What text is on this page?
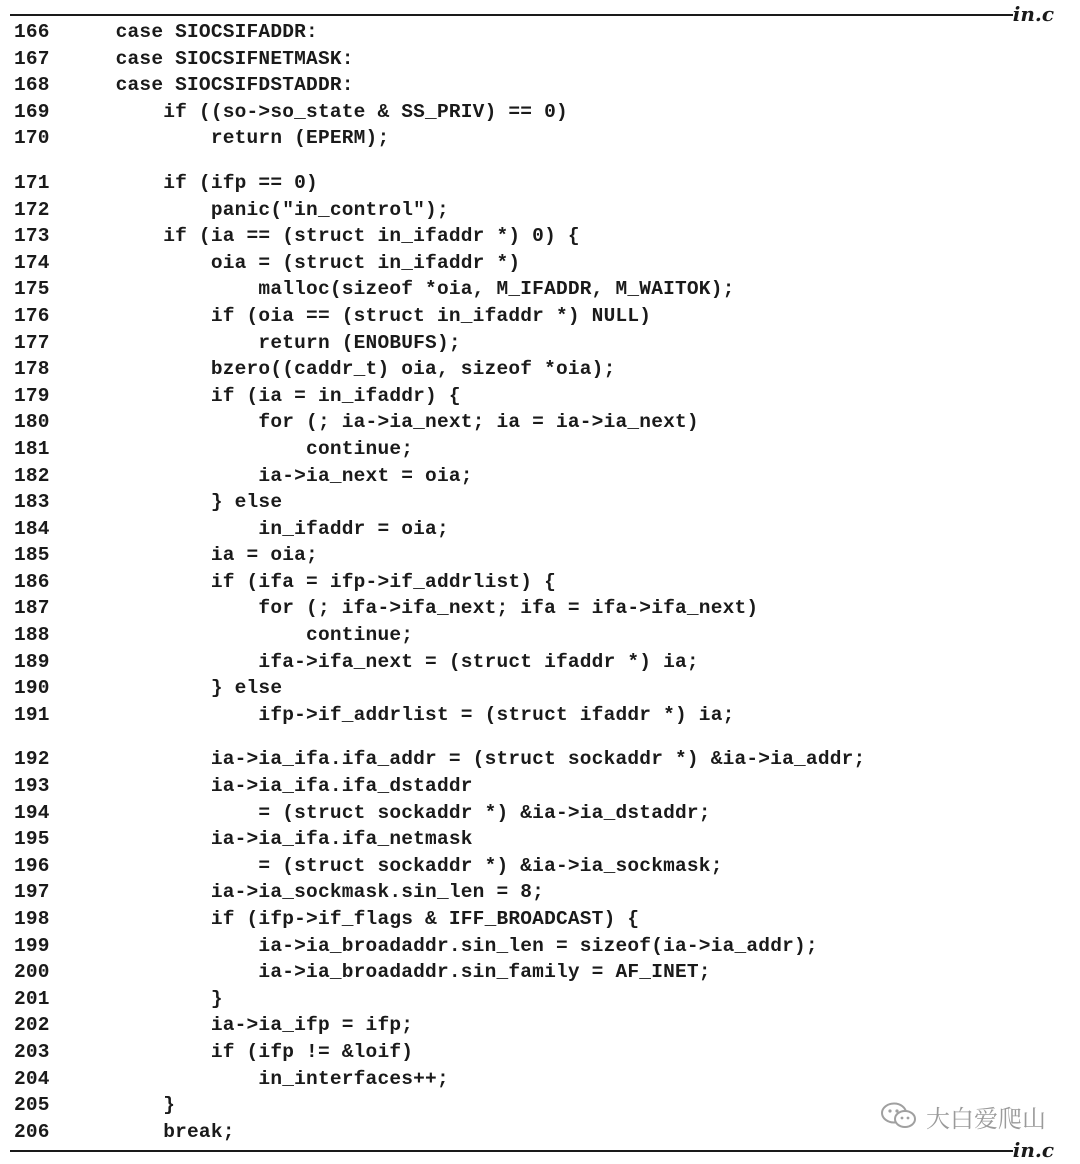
in.c
166 case SIOCSIFADDR:
167 case SIOCSIFNETMASK:
168 case SIOCSIFDSTADDR:
169 if ((so->so_state & SS_PRIV) == 0)
170 return (EPERM);
171 if (ifp == 0)
172 panic("in_control");
173 if (ia == (struct in_ifaddr *) 0) {
174 oia = (struct in_ifaddr *)
175 malloc(sizeof *oia, M_IFADDR, M_WAITOK);
176 if (oia == (struct in_ifaddr *) NULL)
177 return (ENOBUFS);
178 bzero((caddr_t) oia, sizeof *oia);
179 if (ia = in_ifaddr) {
180 for (; ia->ia_next; ia = ia->ia_next)
181 continue;
182 ia->ia_next = oia;
183 } else
184 in_ifaddr = oia;
185 ia = oia;
186 if (ifa = ifp->if_addrlist) {
187 for (; ifa->ifa_next; ifa = ifa->ifa_next)
188 continue;
189 ifa->ifa_next = (struct ifaddr *) ia;
190 } else
191 ifp->if_addrlist = (struct ifaddr *) ia;
192 ia->ia_ifa.ifa_addr = (struct sockaddr *) &ia->ia_addr;
193 ia->ia_ifa.ifa_dstaddr
194 = (struct sockaddr *) &ia->ia_dstaddr;
195 ia->ia_ifa.ifa_netmask
196 = (struct sockaddr *) &ia->ia_sockmask;
197 ia->ia_sockmask.sin_len = 8;
198 if (ifp->if_flags & IFF_BROADCAST) {
199 ia->ia_broadaddr.sin_len = sizeof(ia->ia_addr);
200 ia->ia_broadaddr.sin_family = AF_INET;
201 }
202 ia->ia_ifp = ifp;
203 if (ifp != &loif)
204 in_interfaces++;
205 }
206 break;	大白爱爬山
in.c
